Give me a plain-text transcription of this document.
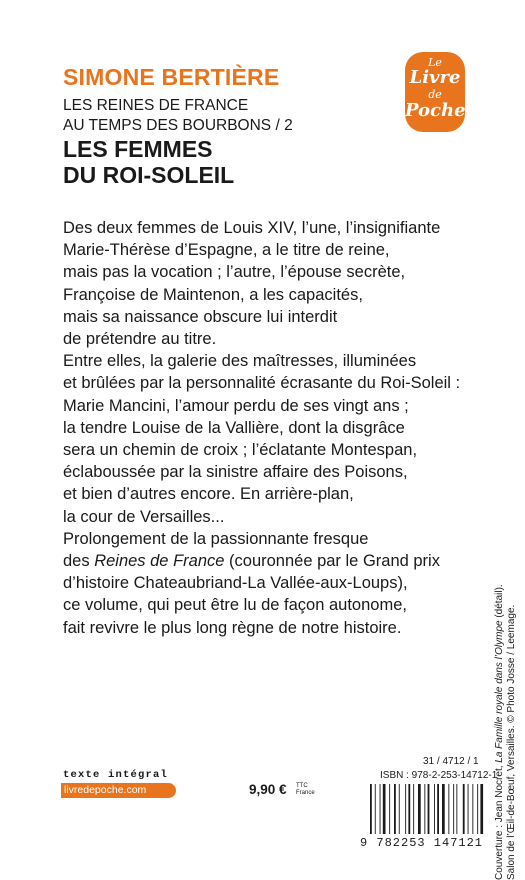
SIMONE BERTIÈRE
LES REINES DE FRANCE
AU TEMPS DES BOURBONS / 2
LES FEMMES
DU ROI-SOLEIL
Le
Livre
de
Poche
Des deux femmes de Louis XIV, l’une, l’insignifiante
Marie-Thérèse d’Espagne, a le titre de reine,
mais pas la vocation ; l’autre, l’épouse secrète,
Françoise de Maintenon, a les capacités,
mais sa naissance obscure lui interdit
de prétendre au titre.
Entre elles, la galerie des maîtresses, illuminées
et brûlées par la personnalité écrasante du Roi-Soleil :
Marie Mancini, l’amour perdu de ses vingt ans ;
la tendre Louise de la Vallière, dont la disgrâce
sera un chemin de croix ; l’éclatante Montespan,
éclaboussée par la sinistre affaire des Poisons,
et bien d’autres encore. En arrière-plan,
la cour de Versailles...
Prolongement de la passionnante fresque
des Reines de France (couronnée par le Grand prix
d’histoire Chateaubriand-La Vallée-aux-Loups),
ce volume, qui peut être lu de façon autonome,
fait revivre le plus long règne de notre histoire.
Couverture : Jean Nocret, La Famille royale dans l’Olympe (détail).
Salon de l’Œil-de-Bœuf, Versailles. © Photo Josse / Leemage.
texte intégral
livredepoche.com	9,90 € TTC
France
31 / 4712 / 1
ISBN : 978-2-253-14712-1
9 782253 147121
